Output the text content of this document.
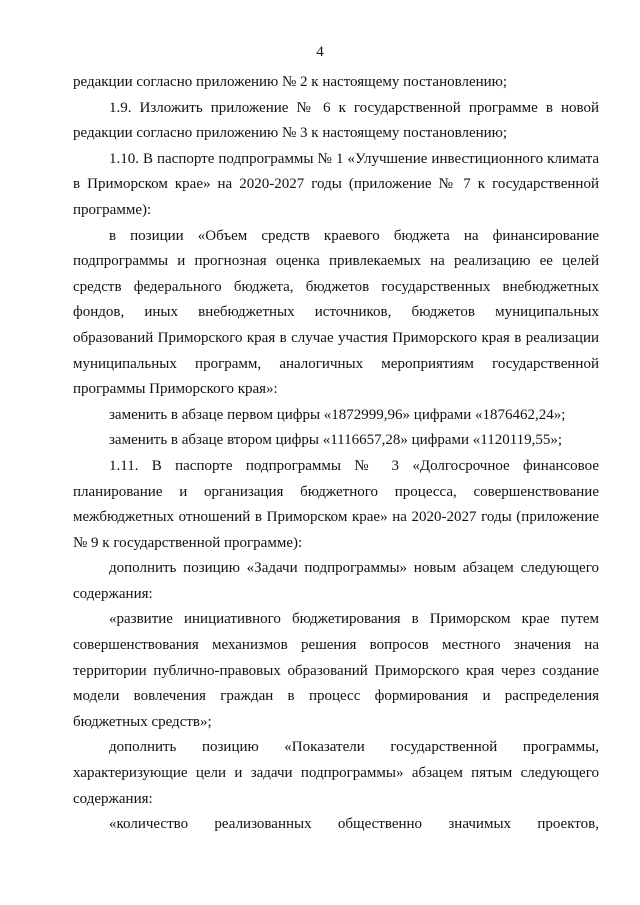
4

редакции согласно приложению № 2 к настоящему постановлению;

1.9. Изложить приложение № 6 к государственной программе в новой редакции согласно приложению № 3 к настоящему постановлению;

1.10. В паспорте подпрограммы № 1 «Улучшение инвестиционного климата в Приморском крае» на 2020-2027 годы (приложение № 7 к государственной программе):

в позиции «Объем средств краевого бюджета на финансирование подпрограммы и прогнозная оценка привлекаемых на реализацию ее целей средств федерального бюджета, бюджетов государственных внебюджетных фондов, иных внебюджетных источников, бюджетов муниципальных образований Приморского края в случае участия Приморского края в реализации муниципальных программ, аналогичных мероприятиям государственной программы Приморского края»:

заменить в абзаце первом цифры «1872999,96» цифрами «1876462,24»;

заменить в абзаце втором цифры «1116657,28» цифрами «1120119,55»;

1.11. В паспорте подпрограммы № 3 «Долгосрочное финансовое планирование и организация бюджетного процесса, совершенствование межбюджетных отношений в Приморском крае» на 2020-2027 годы (приложение № 9 к государственной программе):

дополнить позицию «Задачи подпрограммы» новым абзацем следующего содержания:

«развитие инициативного бюджетирования в Приморском крае путем совершенствования механизмов решения вопросов местного значения на территории публично-правовых образований Приморского края через создание модели вовлечения граждан в процесс формирования и распределения бюджетных средств»;

дополнить позицию «Показатели государственной программы, характеризующие цели и задачи подпрограммы» абзацем пятым следующего содержания:

«количество реализованных общественно значимых проектов,
